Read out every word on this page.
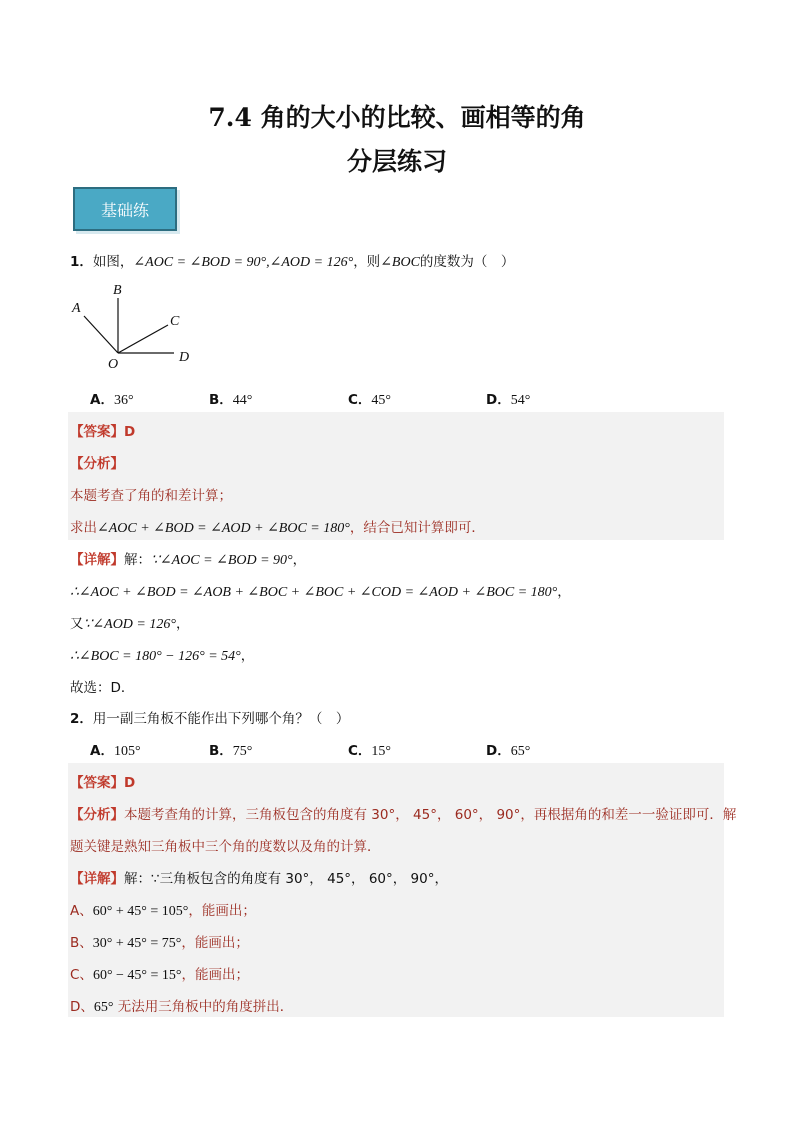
7.4 角的大小的比较、画相等的角
分层练习
基础练
1．如图，∠AOC = ∠BOD = 90°,∠AOD = 126°，则∠BOC的度数为（　）
A
B
C
D
O
A．36°	B．44°	C．45°	D．54°
【答案】D
【分析】
本题考查了角的和差计算；
求出∠AOC + ∠BOD = ∠AOD + ∠BOC = 180°，结合已知计算即可．
【详解】解：∵∠AOC = ∠BOD = 90°，
∴∠AOC + ∠BOD = ∠AOB + ∠BOC + ∠BOC + ∠COD = ∠AOD + ∠BOC = 180°，
又∵∠AOD = 126°，
∴∠BOC = 180° − 126° = 54°，
故选：D．
2．用一副三角板不能作出下列哪个角？（　）
A．105°	B．75°	C．15°	D．65°
【答案】D
【分析】本题考查角的计算，三角板包含的角度有 30°， 45°， 60°， 90°，再根据角的和差一一验证即可．解
题关键是熟知三角板中三个角的度数以及角的计算．
【详解】解：∵三角板包含的角度有 30°， 45°， 60°， 90°，
A、60° + 45° = 105°，能画出；
B、30° + 45° = 75°，能画出；
C、60° − 45° = 15°，能画出；
D、65° 无法用三角板中的角度拼出．
